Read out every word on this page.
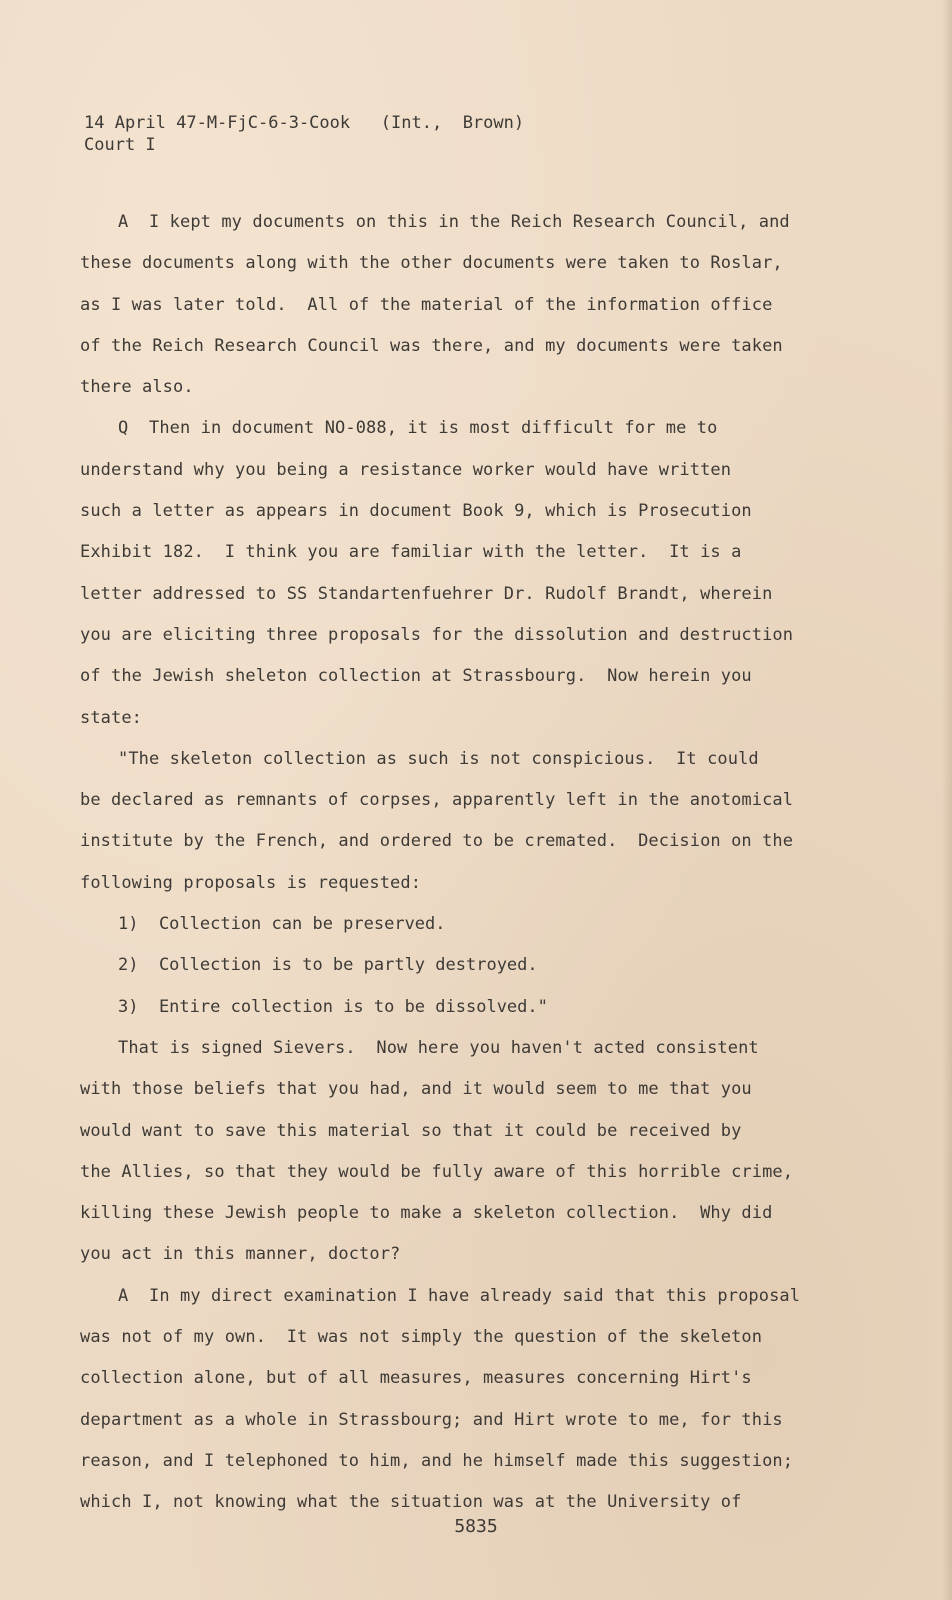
14 April 47-M-FjC-6-3-Cook   (Int.,  Brown)
Court I
A  I kept my documents on this in the Reich Research Council, and
these documents along with the other documents were taken to Roslar,
as I was later told.  All of the material of the information office
of the Reich Research Council was there, and my documents were taken
there also.
Q  Then in document NO-088, it is most difficult for me to
understand why you being a resistance worker would have written
such a letter as appears in document Book 9, which is Prosecution
Exhibit 182.  I think you are familiar with the letter.  It is a
letter addressed to SS Standartenfuehrer Dr. Rudolf Brandt, wherein
you are eliciting three proposals for the dissolution and destruction
of the Jewish sheleton collection at Strassbourg.  Now herein you
state:
"The skeleton collection as such is not conspicious.  It could
be declared as remnants of corpses, apparently left in the anotomical
institute by the French, and ordered to be cremated.  Decision on the
following proposals is requested:
1)  Collection can be preserved.
2)  Collection is to be partly destroyed.
3)  Entire collection is to be dissolved."
That is signed Sievers.  Now here you haven't acted consistent
with those beliefs that you had, and it would seem to me that you
would want to save this material so that it could be received by
the Allies, so that they would be fully aware of this horrible crime,
killing these Jewish people to make a skeleton collection.  Why did
you act in this manner, doctor?
A  In my direct examination I have already said that this proposal
was not of my own.  It was not simply the question of the skeleton
collection alone, but of all measures, measures concerning Hirt's
department as a whole in Strassbourg; and Hirt wrote to me, for this
reason, and I telephoned to him, and he himself made this suggestion;
which I, not knowing what the situation was at the University of
5835
